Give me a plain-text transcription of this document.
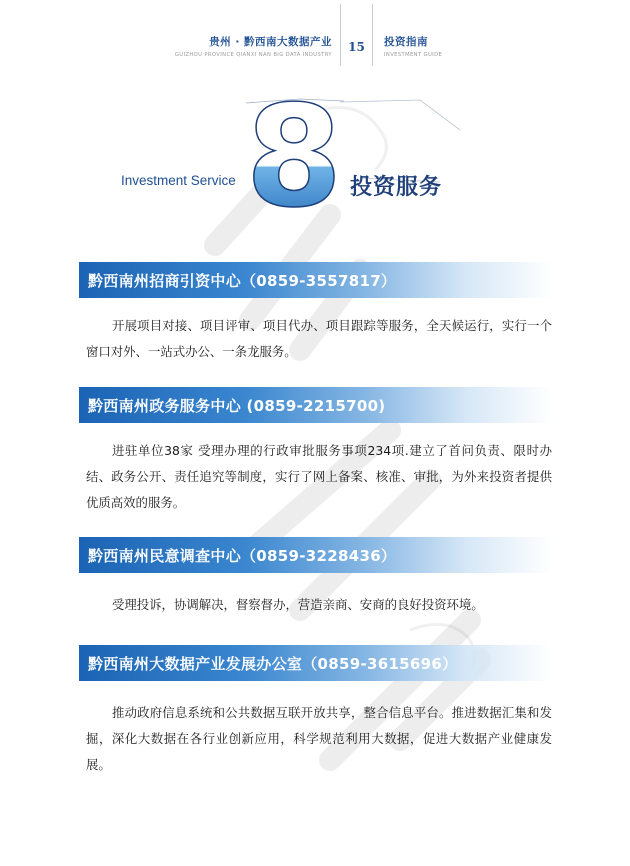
贵州 · 黔西南大数据产业
GUIZHOU PROVINCE QIANXI NAN BIG DATA INDUSTRY
15	投资指南
INVESTMENT GUIDE
Investment Service 8 投资服务
黔西南州招商引资中心（0859-3557817）
开展项目对接、项目评审、项目代办、项目跟踪等服务，全天候运行，实行一个窗口对外、一站式办公、一条龙服务。
黔西南州政务服务中心 (0859-2215700)
进驻单位38家 受理办理的行政审批服务事项234项.建立了首问负责、限时办结、政务公开、责任追究等制度，实行了网上备案、核准、审批，为外来投资者提供优质高效的服务。
黔西南州民意调查中心（0859-3228436）
受理投诉，协调解决，督察督办，营造亲商、安商的良好投资环境。
黔西南州大数据产业发展办公室（0859-3615696）
推动政府信息系统和公共数据互联开放共享，整合信息平台。推进数据汇集和发掘，深化大数据在各行业创新应用，科学规范利用大数据，促进大数据产业健康发展。
